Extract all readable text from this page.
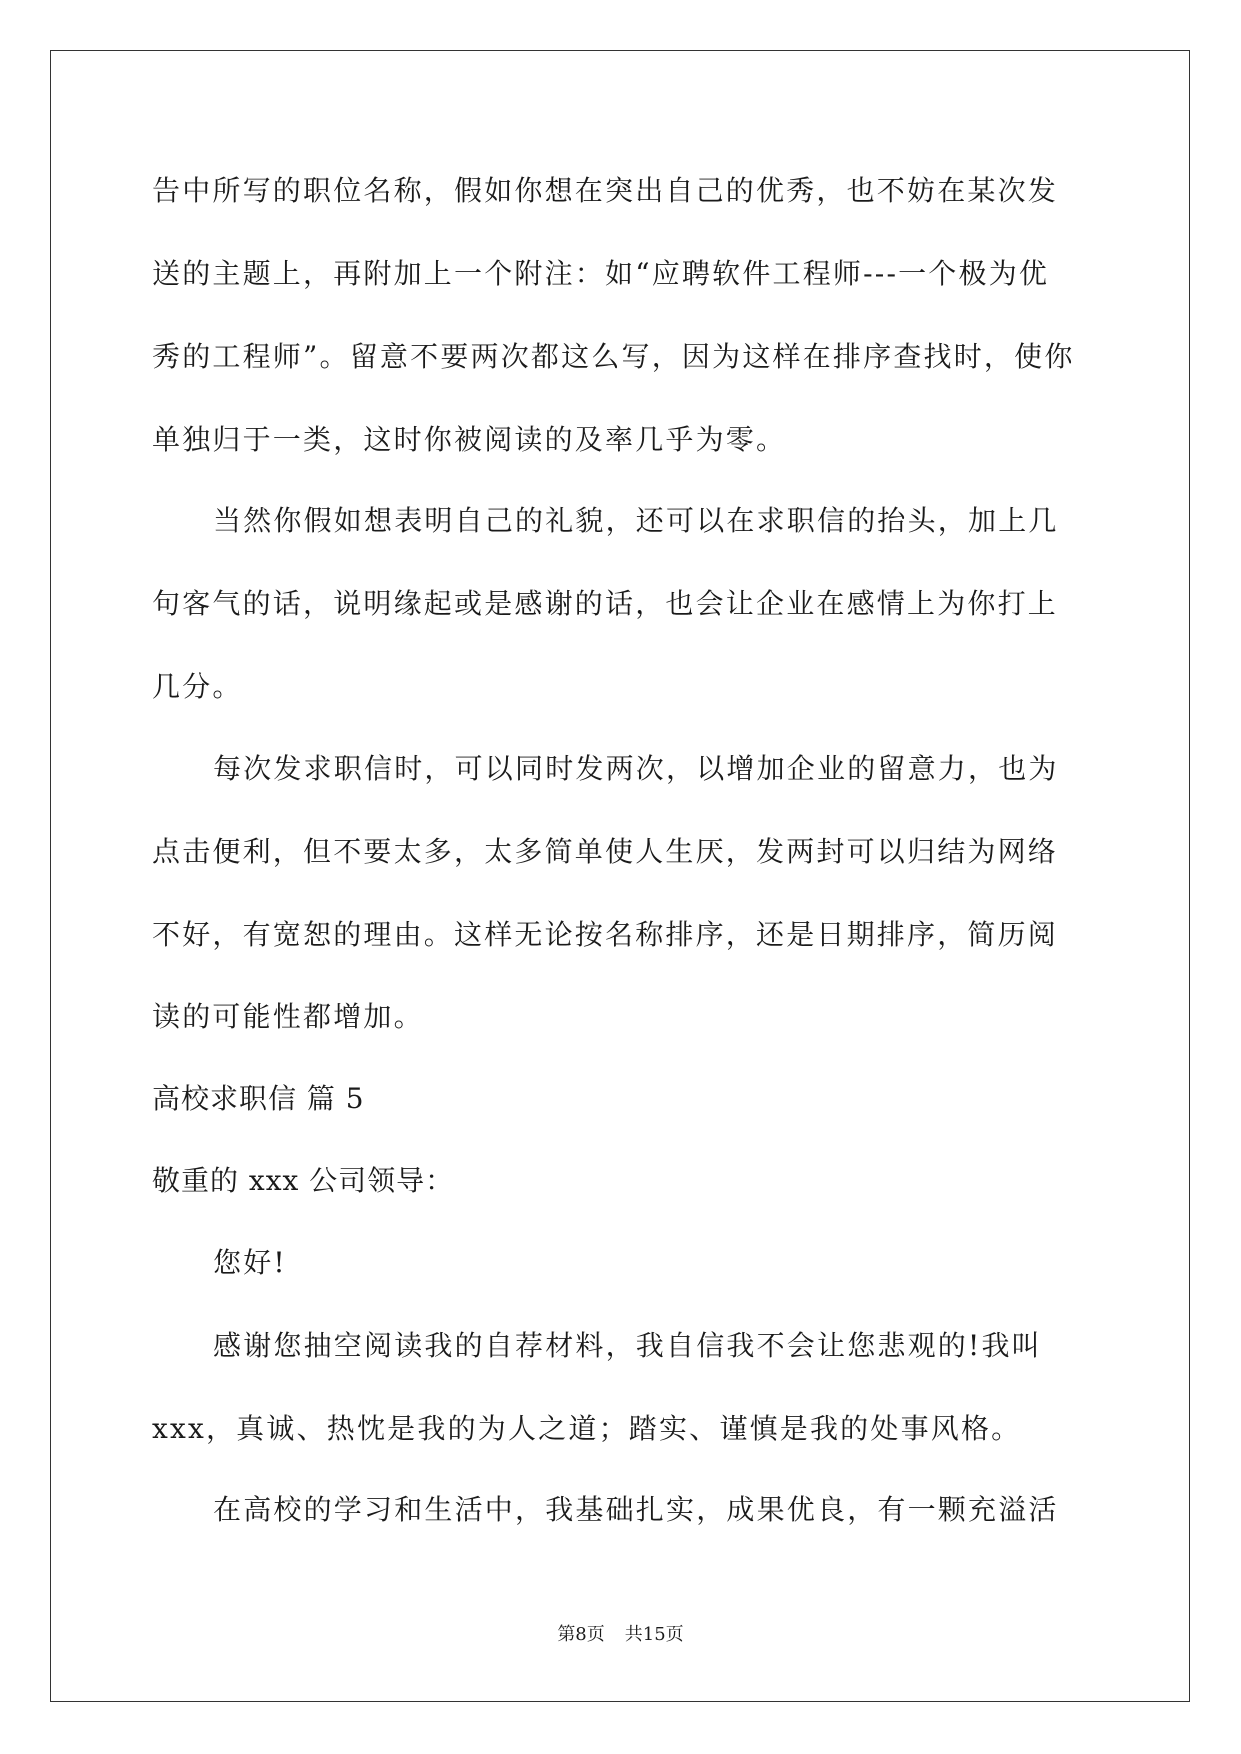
告中所写的职位名称，假如你想在突出自己的优秀，也不妨在某次发
送的主题上，再附加上一个附注：如“应聘软件工程师---一个极为优
秀的工程师”。留意不要两次都这么写，因为这样在排序查找时，使你
单独归于一类，这时你被阅读的及率几乎为零。
当然你假如想表明自己的礼貌，还可以在求职信的抬头，加上几
句客气的话，说明缘起或是感谢的话，也会让企业在感情上为你打上
几分。
每次发求职信时，可以同时发两次，以增加企业的留意力，也为
点击便利，但不要太多，太多简单使人生厌，发两封可以归结为网络
不好，有宽恕的理由。这样无论按名称排序，还是日期排序，简历阅
读的可能性都增加。
高校求职信 篇 5
敬重的 xxx 公司领导：
您好!
感谢您抽空阅读我的自荐材料，我自信我不会让您悲观的!我叫
xxx，真诚、热忱是我的为人之道；踏实、谨慎是我的处事风格。
在高校的学习和生活中，我基础扎实，成果优良，有一颗充溢活
第8页 共15页
